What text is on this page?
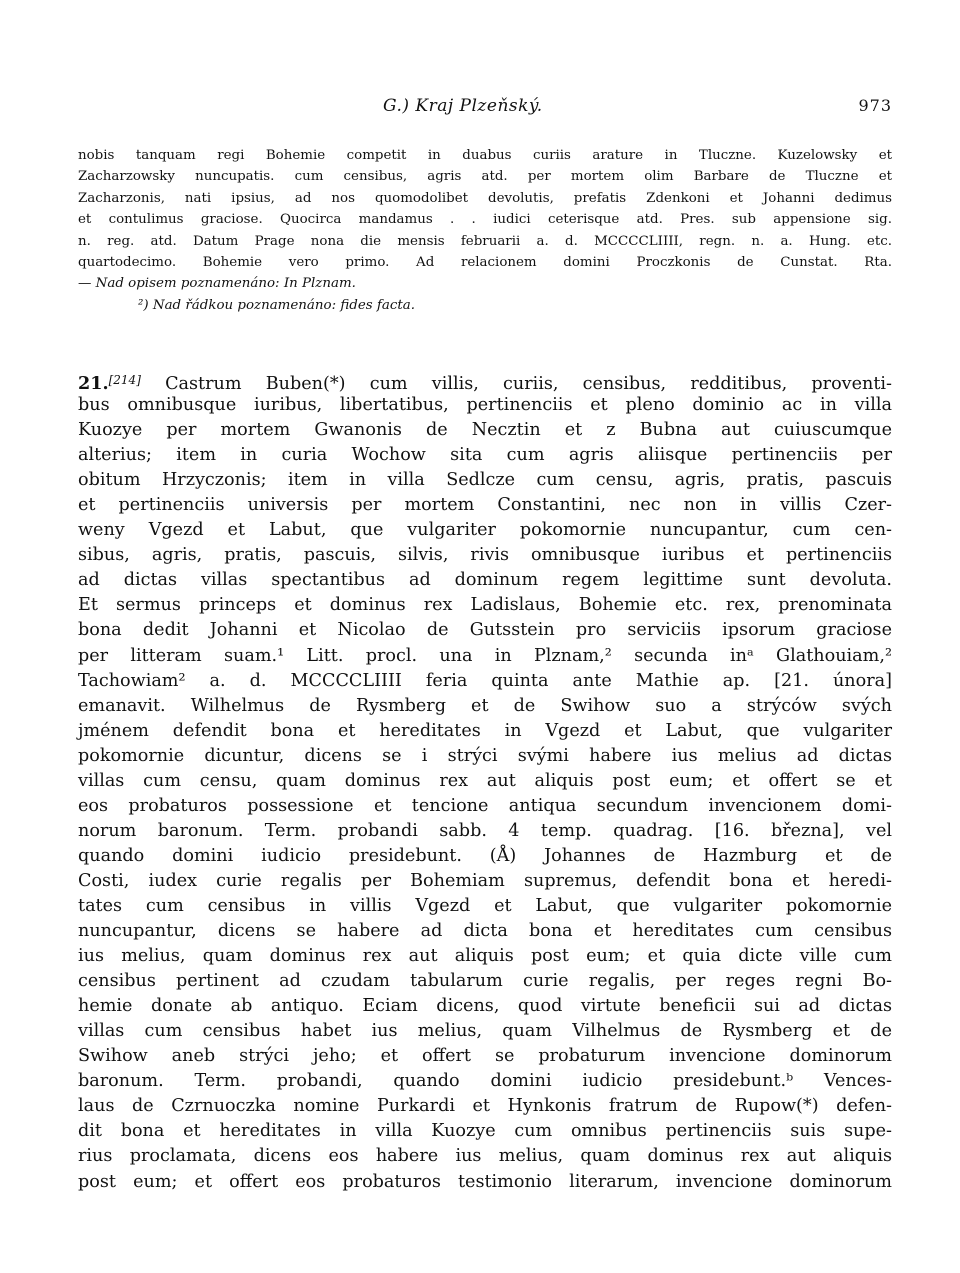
G.) Kraj Plzeňský.	973
nobis tanquam regi Bohemie competit in duabus curiis arature in Tluczne. Kuzelowsky et
Zacharzowsky nuncupatis. cum censibus, agris atd. per mortem olim Barbare de Tluczne et
Zacharzonis, nati ipsius, ad nos quomodolibet devolutis, prefatis Zdenkoni et Johanni dedimus
et contulimus graciose. Quocirca mandamus . . iudici ceterisque atd. Pres. sub appensione sig.
n. reg. atd. Datum Prage nona die mensis februarii a. d. MCCCCLIIII, regn. n. a. Hung. etc.
quartodecimo. Bohemie vero primo. Ad relacionem domini Proczkonis de Cunstat. Rta.
— Nad opisem poznamenáno: In Plznam.
²) Nad řádkou poznamenáno: fides facta.
21.[214] Castrum Buben(*) cum villis, curiis, censibus, redditibus, proventi-
bus omnibusque iuribus, libertatibus, pertinenciis et pleno dominio ac in villa
Kuozye per mortem Gwanonis de Necztin et z Bubna aut cuiuscumque
alterius; item in curia Wochow sita cum agris aliisque pertinenciis per
obitum Hrzyczonis; item in villa Sedlcze cum censu, agris, pratis, pascuis
et pertinenciis universis per mortem Constantini, nec non in villis Czer-
weny Vgezd et Labut, que vulgariter pokomornie nuncupantur, cum cen-
sibus, agris, pratis, pascuis, silvis, rivis omnibusque iuribus et pertinenciis
ad dictas villas spectantibus ad dominum regem legittime sunt devoluta.
Et sermus princeps et dominus rex Ladislaus, Bohemie etc. rex, prenominata
bona dedit Johanni et Nicolao de Gutsstein pro serviciis ipsorum graciose
per litteram suam.¹ Litt. procl. una in Plznam,² secunda inᵃ Glathouiam,²
Tachowiam² a. d. MCCCCLIIII feria quinta ante Mathie ap. [21. února]
emanavit. Wilhelmus de Rysmberg et de Swihow suo a strýców svých
jménem defendit bona et hereditates in Vgezd et Labut, que vulgariter
pokomornie dicuntur, dicens se i strýci svými habere ius melius ad dictas
villas cum censu, quam dominus rex aut aliquis post eum; et offert se et
eos probaturos possessione et tencione antiqua secundum invencionem domi-
norum baronum. Term. probandi sabb. 4 temp. quadrag. [16. března], vel
quando domini iudicio presidebunt. (Å) Johannes de Hazmburg et de
Costi, iudex curie regalis per Bohemiam supremus, defendit bona et heredi-
tates cum censibus in villis Vgezd et Labut, que vulgariter pokomornie
nuncupantur, dicens se habere ad dicta bona et hereditates cum censibus
ius melius, quam dominus rex aut aliquis post eum; et quia dicte ville cum
censibus pertinent ad czudam tabularum curie regalis, per reges regni Bo-
hemie donate ab antiquo. Eciam dicens, quod virtute beneficii sui ad dictas
villas cum censibus habet ius melius, quam Vilhelmus de Rysmberg et de
Swihow aneb strýci jeho; et offert se probaturum invencione dominorum
baronum. Term. probandi, quando domini iudicio presidebunt.ᵇ Vences-
laus de Czrnuoczka nomine Purkardi et Hynkonis fratrum de Rupow(*) defen-
dit bona et hereditates in villa Kuozye cum omnibus pertinenciis suis supe-
rius proclamata, dicens eos habere ius melius, quam dominus rex aut aliquis
post eum; et offert eos probaturos testimonio literarum, invencione dominorum
